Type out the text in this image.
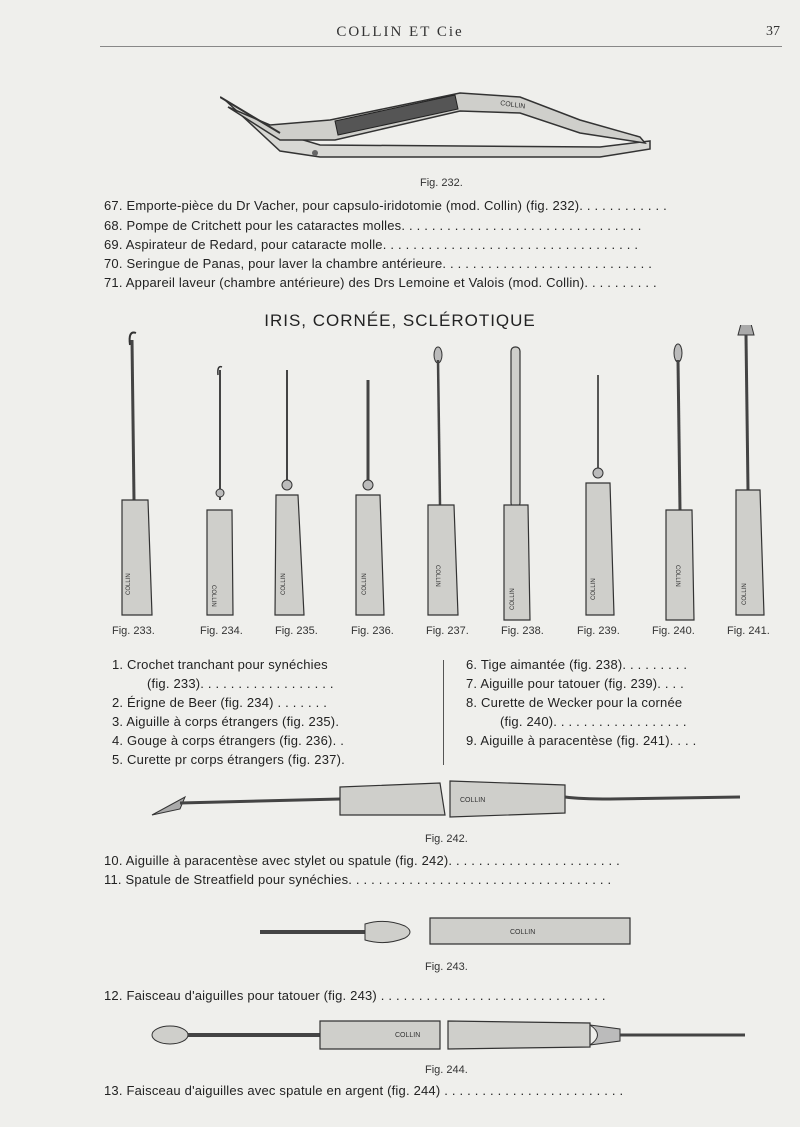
COLLIN ET Cie	37
COLLIN
Fig. 232.
67. Emporte-pièce du Dr Vacher, pour capsulo-iridotomie (mod. Collin) (fig. 232). . . . . . . . . . . .
68. Pompe de Critchett pour les cataractes molles. . . . . . . . . . . . . . . . . . . . . . . . . . . . . . . .
69. Aspirateur de Redard, pour cataracte molle. . . . . . . . . . . . . . . . . . . . . . . . . . . . . . . . . .
70. Seringue de Panas, pour laver la chambre antérieure. . . . . . . . . . . . . . . . . . . . . . . . . . . .
71. Appareil laveur (chambre antérieure) des Drs Lemoine et Valois (mod. Collin). . . . . . . . . .
IRIS, CORNÉE, SCLÉROTIQUE
COLLIN
COLLIN
COLLIN	COLLIN	COLLIN
COLLIN	COLLIN
COLLIN
COLLIN
Fig. 233.	Fig. 234.	Fig. 235.	Fig. 236.	Fig. 237.	Fig. 238.	Fig. 239.	Fig. 240.	Fig. 241.
1. Crochet tranchant pour synéchies
(fig. 233). . . . . . . . . . . . . . . . . .
2. Érigne de Beer (fig. 234) . . . . . . .
3. Aiguille à corps étrangers (fig. 235).
4. Gouge à corps étrangers (fig. 236). .
5. Curette pr corps étrangers (fig. 237).
6. Tige aimantée (fig. 238). . . . . . . . .
7. Aiguille pour tatouer (fig. 239). . . .
8. Curette de Wecker pour la cornée
(fig. 240). . . . . . . . . . . . . . . . . .
9. Aiguille à paracentèse (fig. 241). . . .
COLLIN
Fig. 242.
10. Aiguille à paracentèse avec stylet ou spatule (fig. 242). . . . . . . . . . . . . . . . . . . . . . .
11. Spatule de Streatfield pour synéchies. . . . . . . . . . . . . . . . . . . . . . . . . . . . . . . . . . .
COLLIN
Fig. 243.
12. Faisceau d'aiguilles pour tatouer (fig. 243) . . . . . . . . . . . . . . . . . . . . . . . . . . . . . .
COLLIN
Fig. 244.
13. Faisceau d'aiguilles avec spatule en argent (fig. 244) . . . . . . . . . . . . . . . . . . . . . . . .
